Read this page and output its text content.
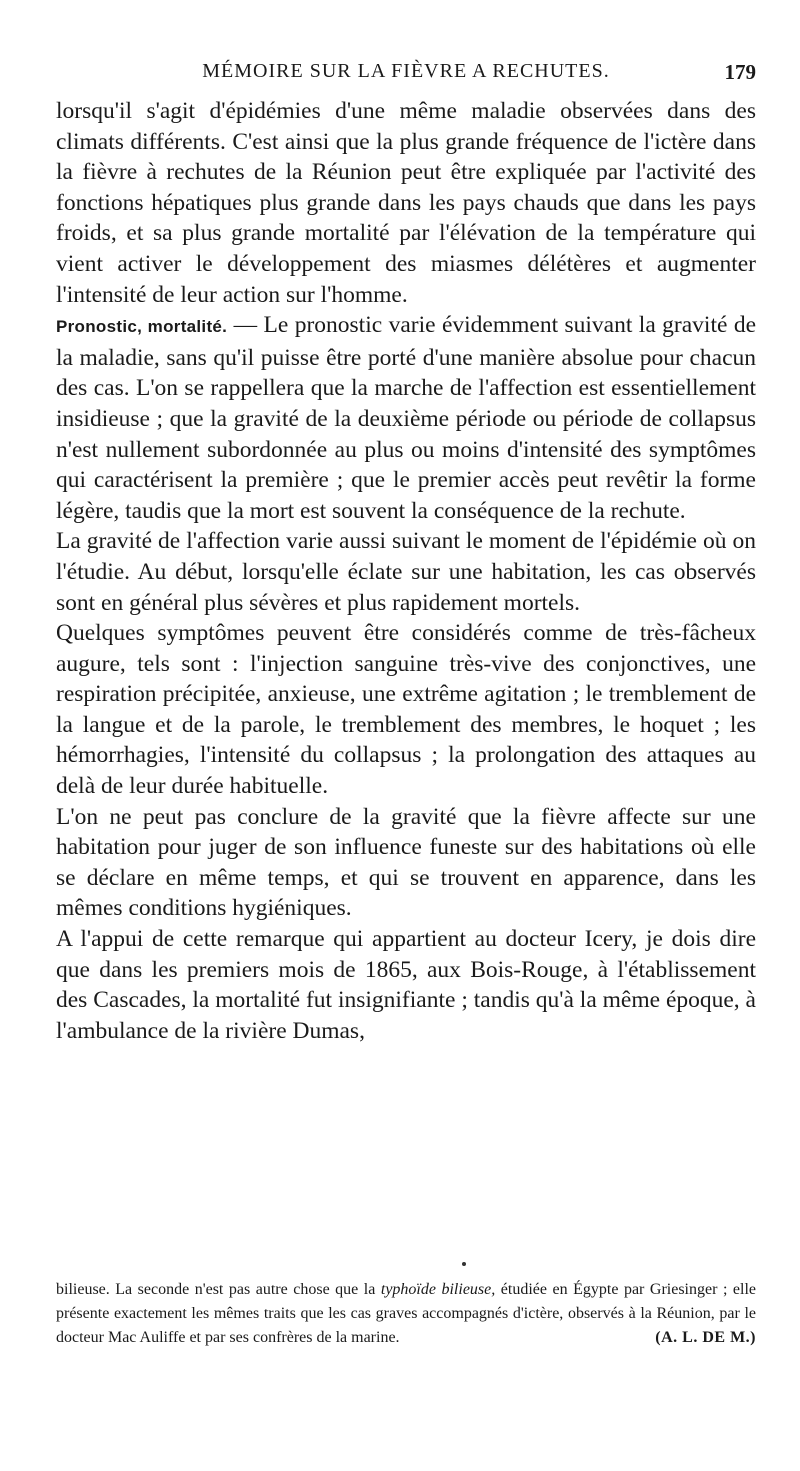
MÉMOIRE SUR LA FIÈVRE A RECHUTES.	179

lorsqu'il s'agit d'épidémies d'une même maladie observées dans des climats différents. C'est ainsi que la plus grande fréquence de l'ictère dans la fièvre à rechutes de la Réunion peut être expliquée par l'activité des fonctions hépatiques plus grande dans les pays chauds que dans les pays froids, et sa plus grande mortalité par l'élévation de la température qui vient activer le développement des miasmes délétères et augmenter l'intensité de leur action sur l'homme.

Pronostic, mortalité. — Le pronostic varie évidemment suivant la gravité de la maladie, sans qu'il puisse être porté d'une manière absolue pour chacun des cas. L'on se rappellera que la marche de l'affection est essentiellement insidieuse ; que la gravité de la deuxième période ou période de collapsus n'est nullement subordonnée au plus ou moins d'intensité des symptômes qui caractérisent la première ; que le premier accès peut revêtir la forme légère, taudis que la mort est souvent la conséquence de la rechute.

La gravité de l'affection varie aussi suivant le moment de l'épidémie où on l'étudie. Au début, lorsqu'elle éclate sur une habitation, les cas observés sont en général plus sévères et plus rapidement mortels.

Quelques symptômes peuvent être considérés comme de très-fâcheux augure, tels sont : l'injection sanguine très-vive des conjonctives, une respiration précipitée, anxieuse, une extrême agitation ; le tremblement de la langue et de la parole, le tremblement des membres, le hoquet ; les hémorrhagies, l'intensité du collapsus ; la prolongation des attaques au delà de leur durée habituelle.

L'on ne peut pas conclure de la gravité que la fièvre affecte sur une habitation pour juger de son influence funeste sur des habitations où elle se déclare en même temps, et qui se trouvent en apparence, dans les mêmes conditions hygiéniques.

A l'appui de cette remarque qui appartient au docteur Icery, je dois dire que dans les premiers mois de 1865, aux Bois-Rouge, à l'établissement des Cascades, la mortalité fut insignifiante ; tandis qu'à la même époque, à l'ambulance de la rivière Dumas,

bilieuse. La seconde n'est pas autre chose que la typhoïde bilieuse, étudiée en Égypte par Griesinger ; elle présente exactement les mêmes traits que les cas graves accompagnés d'ictère, observés à la Réunion, par le docteur Mac Auliffe et par ses confrères de la marine.	(A. L. DE M.)
